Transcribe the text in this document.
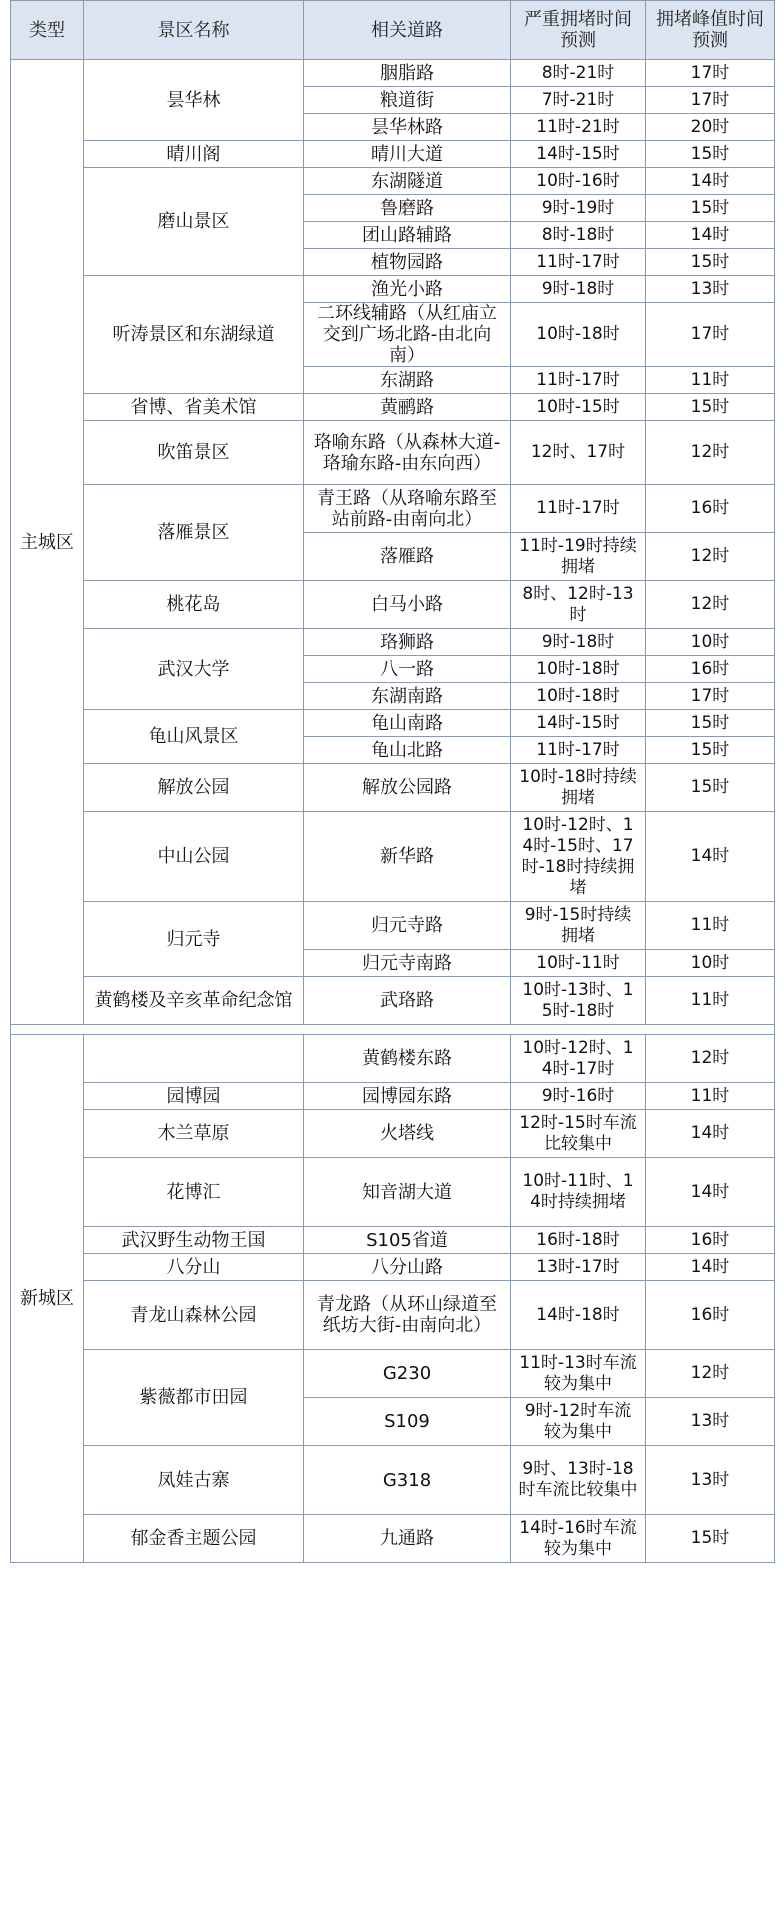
类型	景区名称	相关道路	严重拥堵时间预测	拥堵峰值时间预测
主城区	昙华林	胭脂路	8时-21时	17时
		粮道街	7时-21时	17时
		昙华林路	11时-21时	20时
	晴川阁	晴川大道	14时-15时	15时
	磨山景区	东湖隧道	10时-16时	14时
		鲁磨路	9时-19时	15时
		团山路辅路	8时-18时	14时
		植物园路	11时-17时	15时
	听涛景区和东湖绿道	渔光小路	9时-18时	13时
		二环线辅路（从红庙立交到广场北路-由北向南）	10时-18时	17时
		东湖路	11时-17时	11时
	省博、省美术馆	黄鹂路	10时-15时	15时
	吹笛景区	珞喻东路（从森林大道-珞瑜东路-由东向西）	12时、17时	12时
	落雁景区	青王路（从珞喻东路至站前路-由南向北）	11时-17时	16时
		落雁路	11时-19时持续拥堵	12时
	桃花岛	白马小路	8时、12时-13时	12时
	武汉大学	珞狮路	9时-18时	10时
		八一路	10时-18时	16时
		东湖南路	10时-18时	17时
	龟山风景区	龟山南路	14时-15时	15时
		龟山北路	11时-17时	15时
	解放公园	解放公园路	10时-18时持续拥堵	15时
	中山公园	新华路	10时-12时、14时-15时、17时-18时持续拥堵	14时
	归元寺	归元寺路	9时-15时持续拥堵	11时
		归元寺南路	10时-11时	10时
	黄鹤楼及辛亥革命纪念馆	武珞路	10时-13时、15时-18时	11时

新城区		黄鹤楼东路	10时-12时、14时-17时	12时
	园博园	园博园东路	9时-16时	11时
	木兰草原	火塔线	12时-15时车流比较集中	14时
	花博汇	知音湖大道	10时-11时、14时持续拥堵	14时
	武汉野生动物王国	S105省道	16时-18时	16时
	八分山	八分山路	13时-17时	14时
	青龙山森林公园	青龙路（从环山绿道至纸坊大街-由南向北）	14时-18时	16时
	紫薇都市田园	G230	11时-13时车流较为集中	12时
		S109	9时-12时车流较为集中	13时
	凤娃古寨	G318	9时、13时-18时车流比较集中	13时
	郁金香主题公园	九通路	14时-16时车流较为集中	15时
